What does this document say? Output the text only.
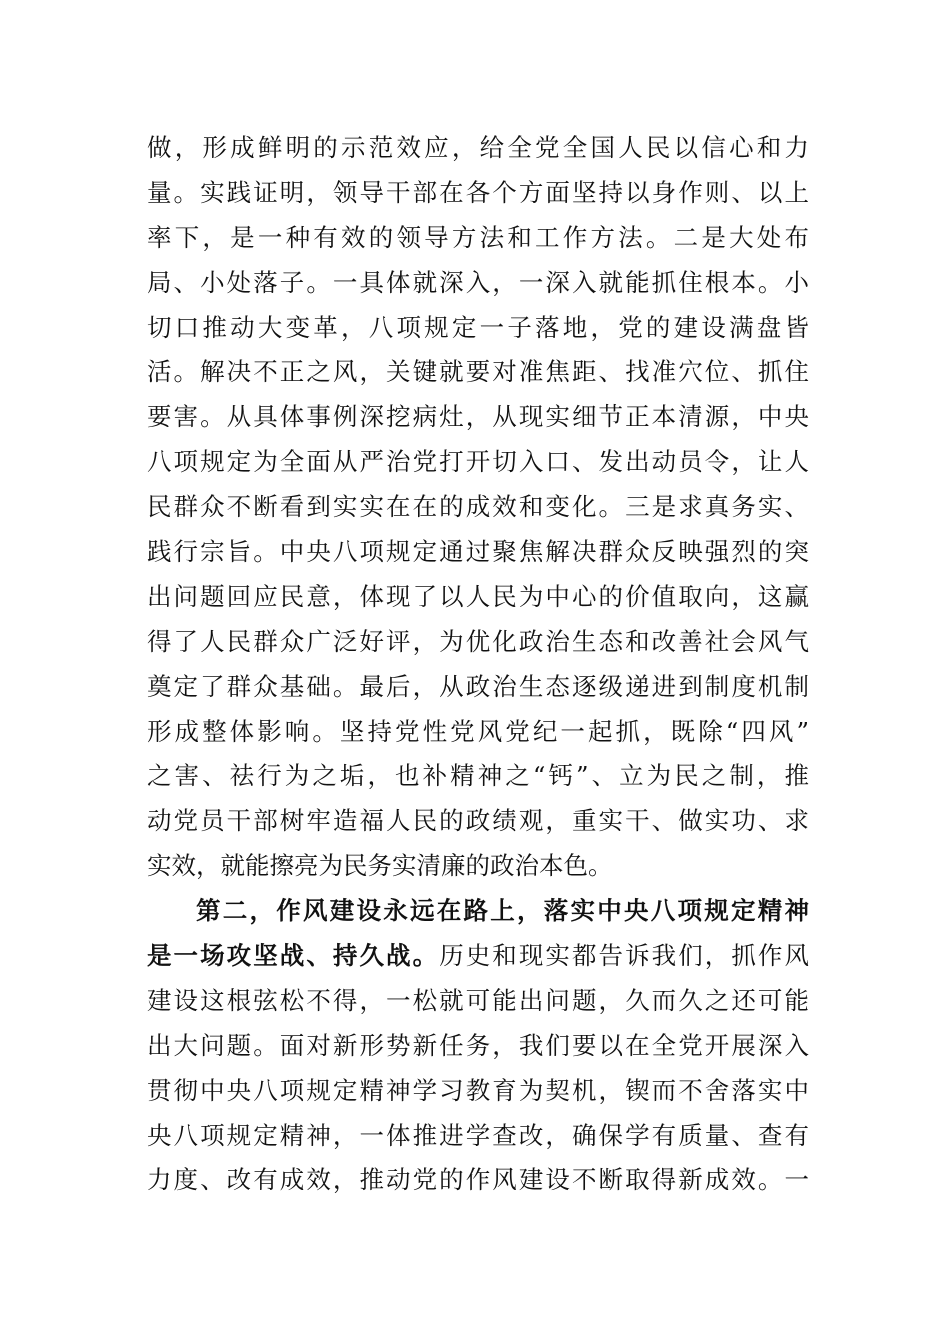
做，形成鲜明的示范效应，给全党全国人民以信心和力
量。实践证明，领导干部在各个方面坚持以身作则、以上
率下，是一种有效的领导方法和工作方法。二是大处布
局、小处落子。一具体就深入，一深入就能抓住根本。小
切口推动大变革，八项规定一子落地，党的建设满盘皆
活。解决不正之风，关键就要对准焦距、找准穴位、抓住
要害。从具体事例深挖病灶，从现实细节正本清源，中央
八项规定为全面从严治党打开切入口、发出动员令，让人
民群众不断看到实实在在的成效和变化。三是求真务实、
践行宗旨。中央八项规定通过聚焦解决群众反映强烈的突
出问题回应民意，体现了以人民为中心的价值取向，这赢
得了人民群众广泛好评，为优化政治生态和改善社会风气
奠定了群众基础。最后，从政治生态逐级递进到制度机制
形成整体影响。坚持党性党风党纪一起抓，既除“四风”
之害、祛行为之垢，也补精神之“钙”、立为民之制，推
动党员干部树牢造福人民的政绩观，重实干、做实功、求
实效，就能擦亮为民务实清廉的政治本色。
第二，作风建设永远在路上，落实中央八项规定精神
是一场攻坚战、持久战。历史和现实都告诉我们，抓作风
建设这根弦松不得，一松就可能出问题，久而久之还可能
出大问题。面对新形势新任务，我们要以在全党开展深入
贯彻中央八项规定精神学习教育为契机，锲而不舍落实中
央八项规定精神，一体推进学查改，确保学有质量、查有
力度、改有成效，推动党的作风建设不断取得新成效。一
